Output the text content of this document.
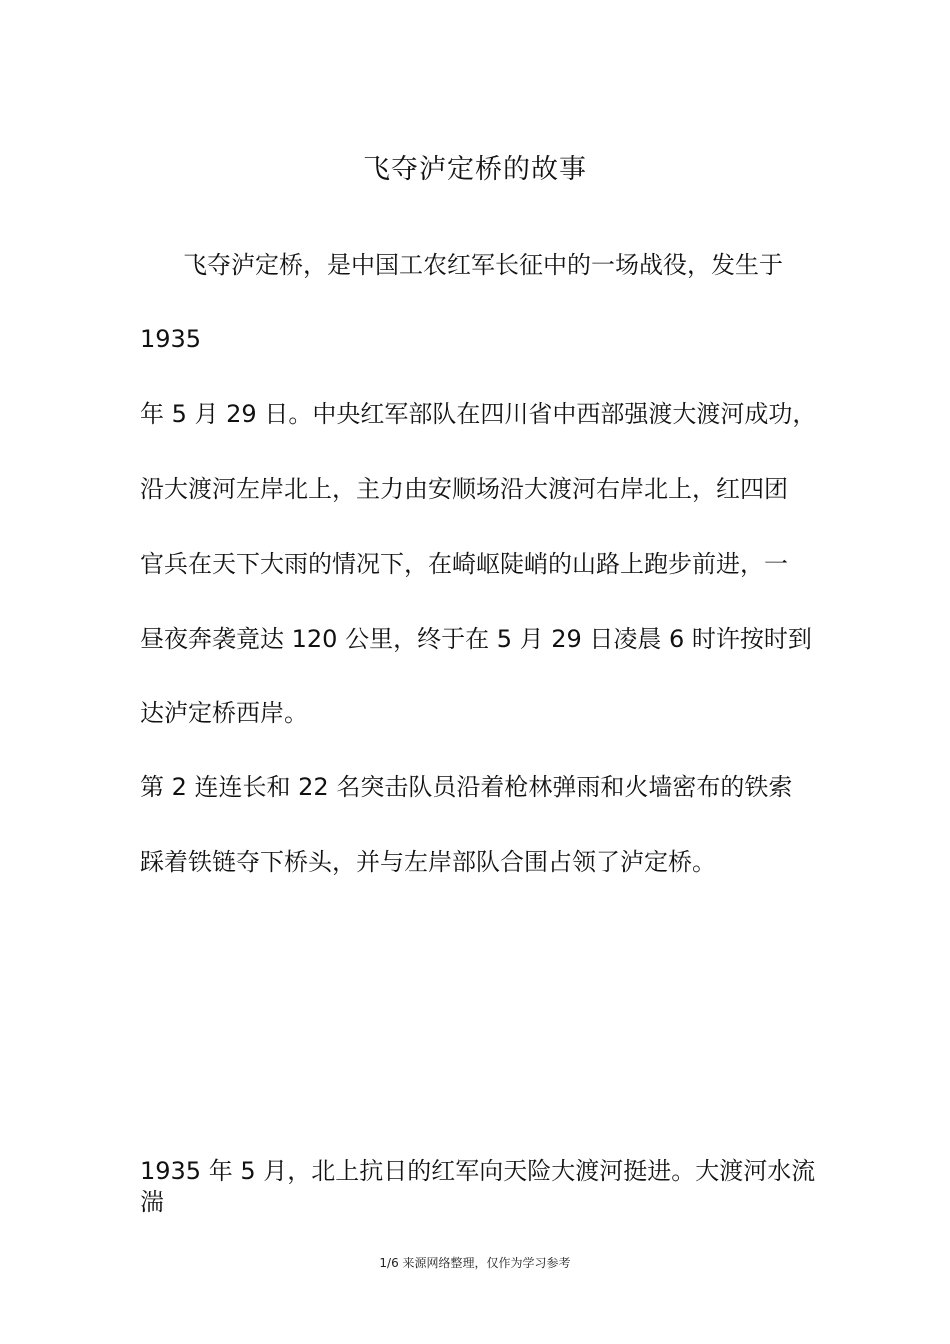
飞夺泸定桥的故事
飞夺泸定桥，是中国工农红军长征中的一场战役，发生于
1935
年 5 月 29 日。中央红军部队在四川省中西部强渡大渡河成功，
沿大渡河左岸北上，主力由安顺场沿大渡河右岸北上，红四团
官兵在天下大雨的情况下，在崎岖陡峭的山路上跑步前进，一
昼夜奔袭竟达 120 公里，终于在 5 月 29 日凌晨 6 时许按时到
达泸定桥西岸。
第 2 连连长和 22 名突击队员沿着枪林弹雨和火墙密布的铁索
踩着铁链夺下桥头，并与左岸部队合围占领了泸定桥。
1935 年 5 月，北上抗日的红军向天险大渡河挺进。大渡河水流
湍
1/6 来源网络整理，仅作为学习参考
